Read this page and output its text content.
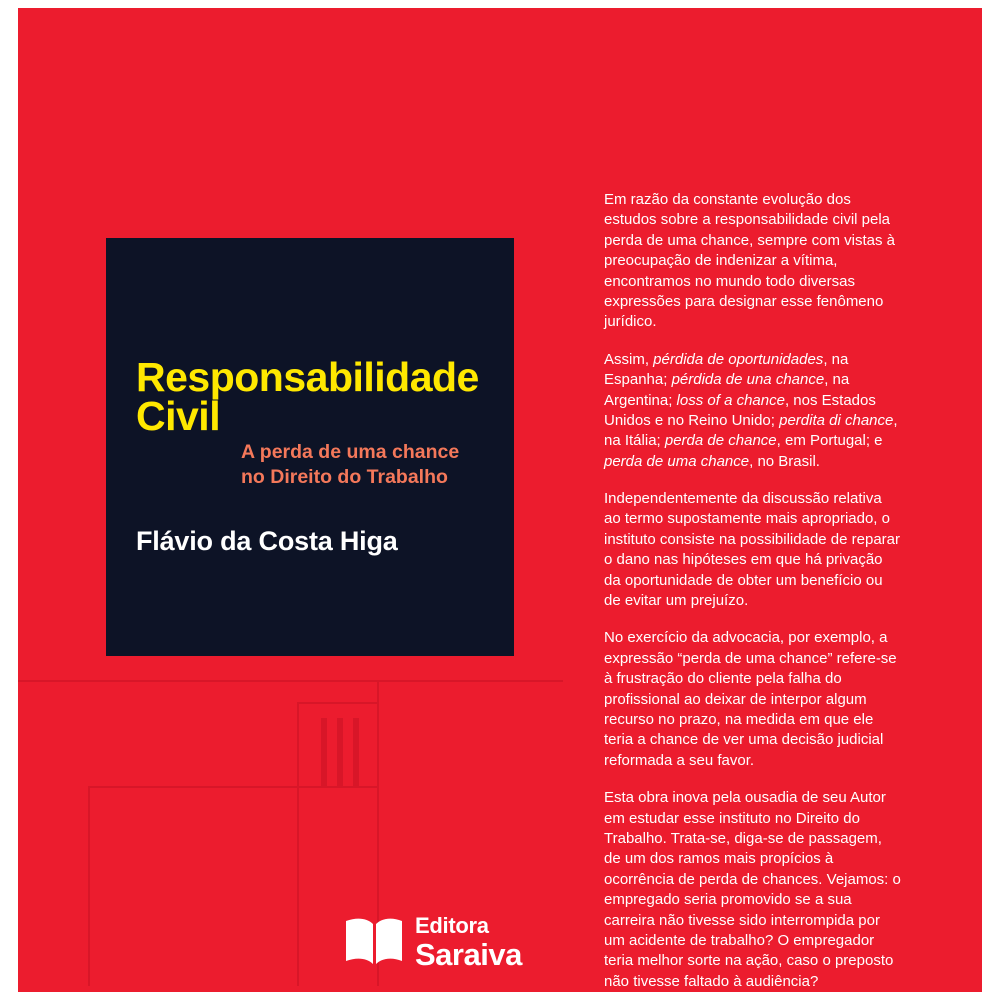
Responsabilidade
Civil
A perda de uma chance
no Direito do Trabalho
Flávio da Costa Higa
Editora
Saraiva

Em razão da constante evolução dos estudos sobre a responsabilidade civil pela perda de uma chance, sempre com vistas à preocupação de indenizar a vítima, encontramos no mundo todo diversas expressões para designar esse fenômeno jurídico.

Assim, pérdida de oportunidades, na Espanha; pérdida de una chance, na Argentina; loss of a chance, nos Estados Unidos e no Reino Unido; perdita di chance, na Itália; perda de chance, em Portugal; e perda de uma chance, no Brasil.

Independentemente da discussão relativa ao termo supostamente mais apropriado, o instituto consiste na possibilidade de reparar o dano nas hipóteses em que há privação da oportunidade de obter um benefício ou de evitar um prejuízo.

No exercício da advocacia, por exemplo, a expressão “perda de uma chance” refere-se à frustração do cliente pela falha do profissional ao deixar de interpor algum recurso no prazo, na medida em que ele teria a chance de ver uma decisão judicial reformada a seu favor.

Esta obra inova pela ousadia de seu Autor em estudar esse instituto no Direito do Trabalho. Trata-se, diga-se de passagem, de um dos ramos mais propícios à ocorrência de perda de chances. Vejamos: o empregado seria promovido se a sua carreira não tivesse sido interrompida por um acidente de trabalho? O empregador teria melhor sorte na ação, caso o preposto não tivesse faltado à audiência?
